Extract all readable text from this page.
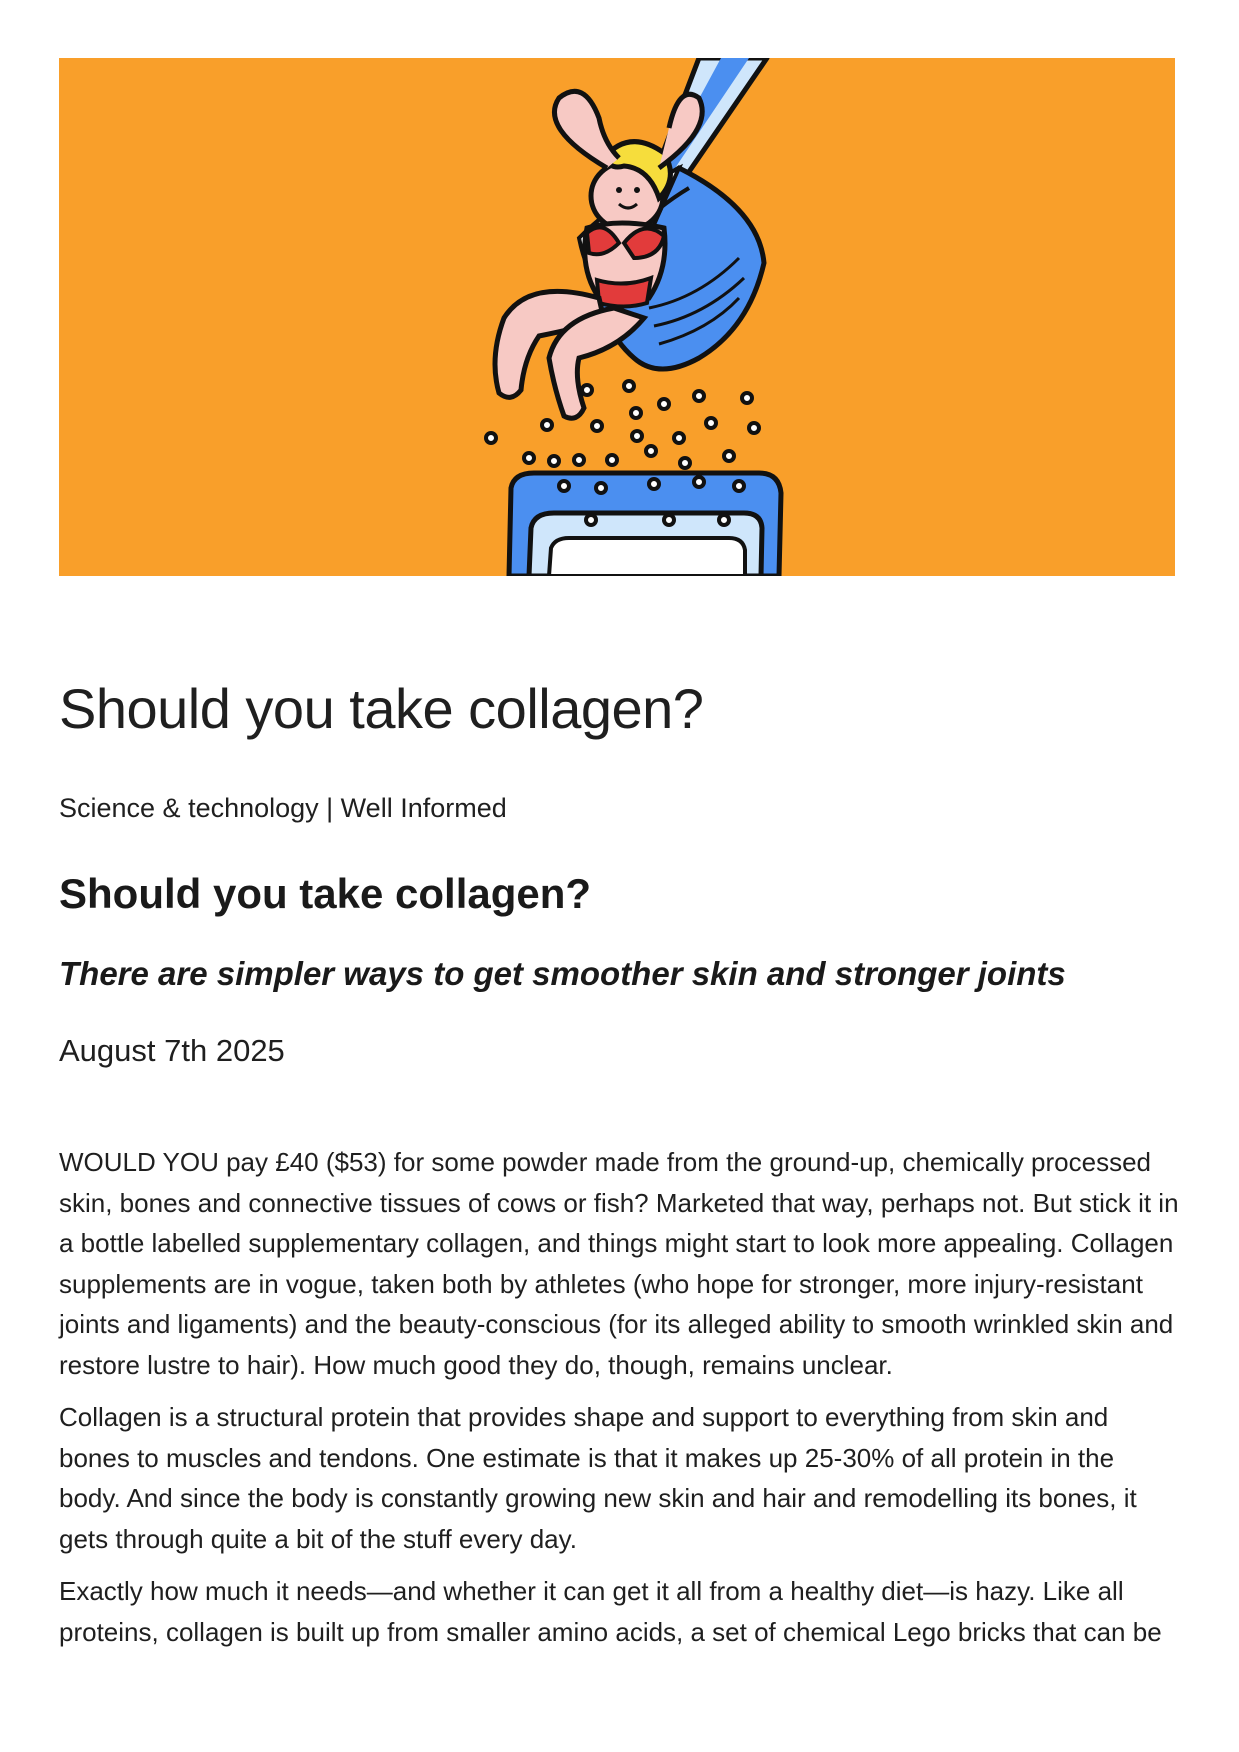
Should you take collagen?

Science & technology | Well Informed

Should you take collagen?
There are simpler ways to get smoother skin and stronger joints

August 7th 2025

WOULD YOU pay £40 ($53) for some powder made from the ground-up, chemically processed skin, bones and connective tissues of cows or fish? Marketed that way, perhaps not. But stick it in a bottle labelled supplementary collagen, and things might start to look more appealing. Collagen supplements are in vogue, taken both by athletes (who hope for stronger, more injury-resistant joints and ligaments) and the beauty-conscious (for its alleged ability to smooth wrinkled skin and restore lustre to hair). How much good they do, though, remains unclear.

Collagen is a structural protein that provides shape and support to everything from skin and bones to muscles and tendons. One estimate is that it makes up 25-30% of all protein in the body. And since the body is constantly growing new skin and hair and remodelling its bones, it gets through quite a bit of the stuff every day.

Exactly how much it needs—and whether it can get it all from a healthy diet—is hazy. Like all proteins, collagen is built up from smaller amino acids, a set of chemical Lego bricks that can be
